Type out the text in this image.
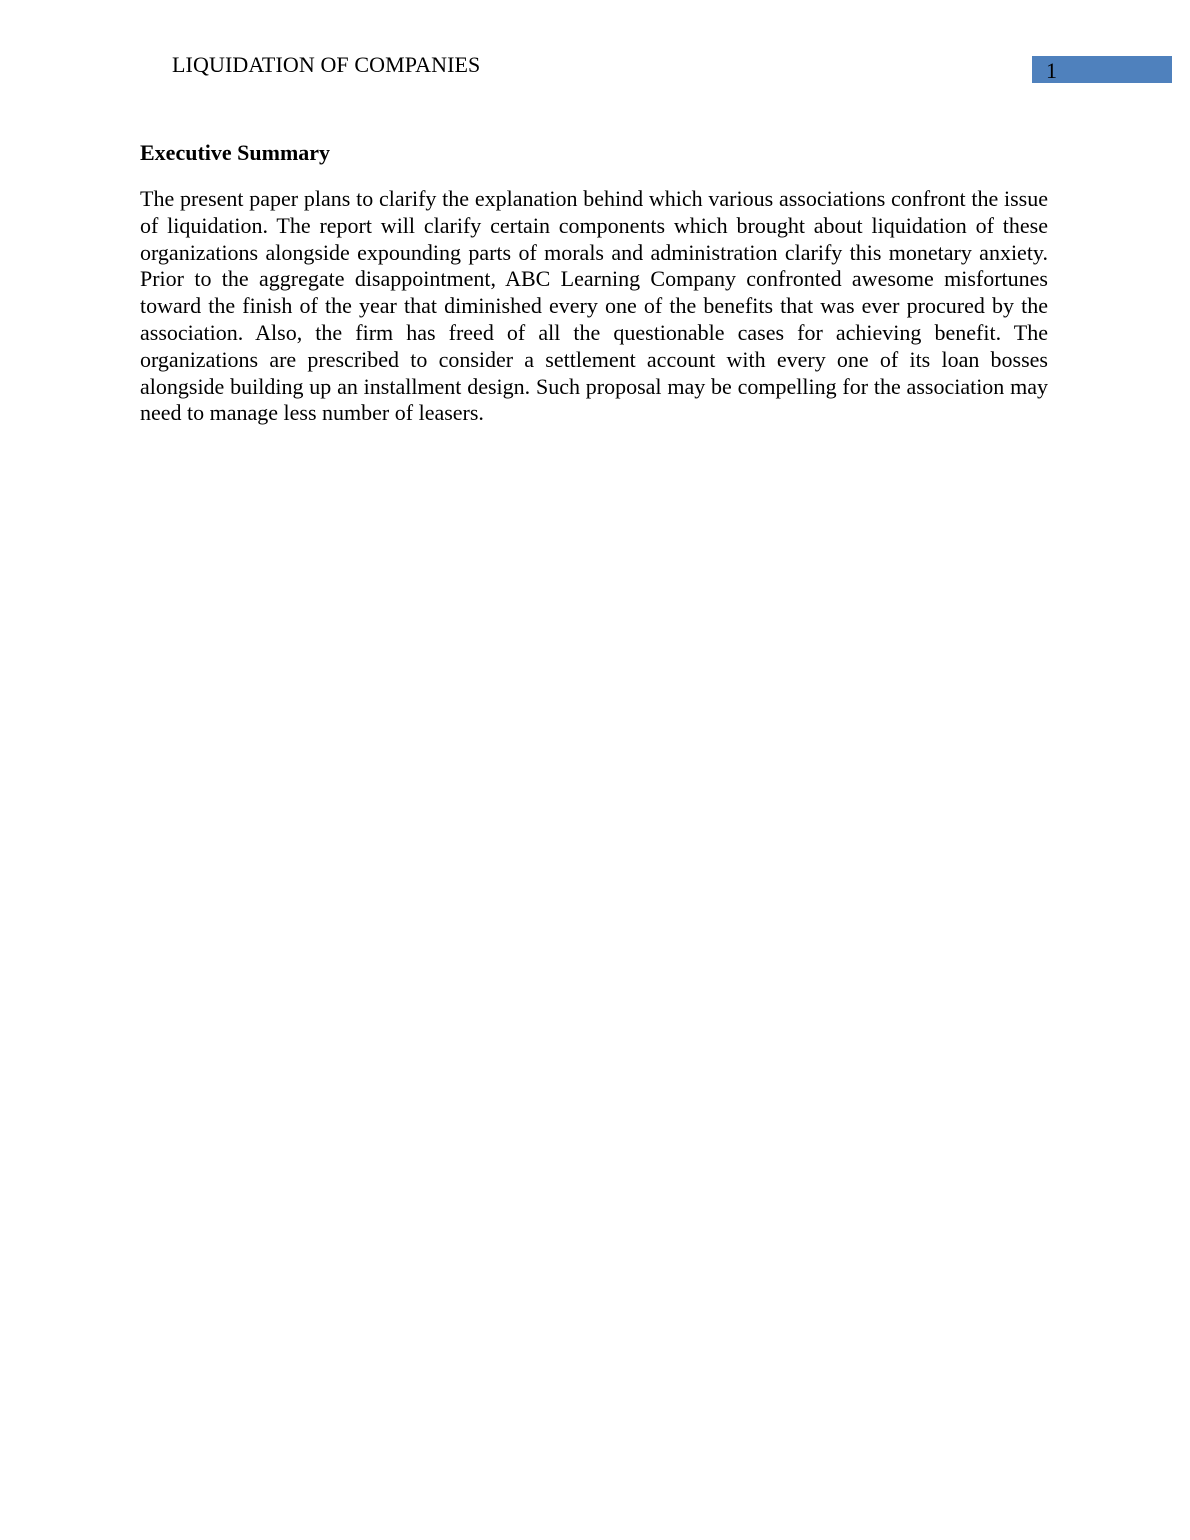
LIQUIDATION OF COMPANIES	1
Executive Summary

The present paper plans to clarify the explanation behind which various associations confront the issue of liquidation. The report will clarify certain components which brought about liquidation of these organizations alongside expounding parts of morals and administration clarify this monetary anxiety. Prior to the aggregate disappointment, ABC Learning Company confronted awesome misfortunes toward the finish of the year that diminished every one of the benefits that was ever procured by the association. Also, the firm has freed of all the questionable cases for achieving benefit. The organizations are prescribed to consider a settlement account with every one of its loan bosses alongside building up an installment design. Such proposal may be compelling for the association may need to manage less number of leasers.
